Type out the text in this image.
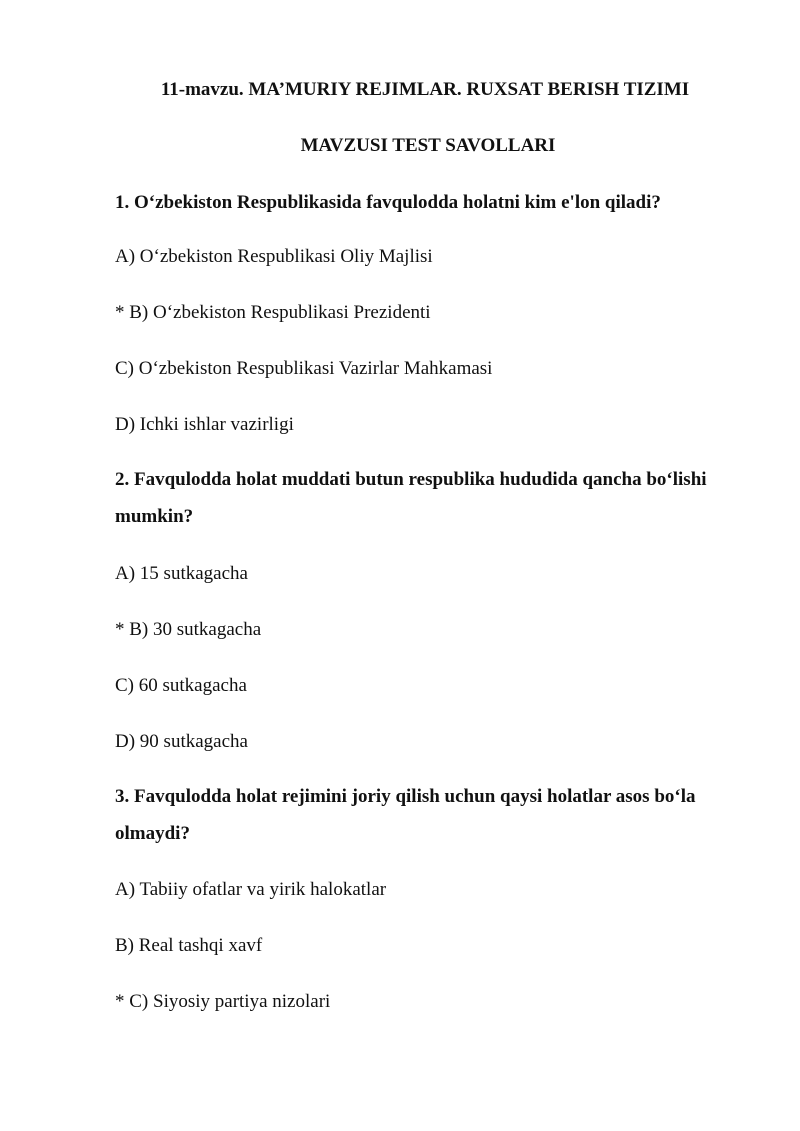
11-mavzu. MA’MURIY REJIMLAR. RUXSAT BERISH TIZIMI
MAVZUSI TEST SAVOLLARI
1. O‘zbekiston Respublikasida favqulodda holatni kim e'lon qiladi?
A) O‘zbekiston Respublikasi Oliy Majlisi
* B) O‘zbekiston Respublikasi Prezidenti
C) O‘zbekiston Respublikasi Vazirlar Mahkamasi
D) Ichki ishlar vazirligi
2. Favqulodda holat muddati butun respublika hududida qancha bo‘lishi mumkin?
A) 15 sutkagacha
* B) 30 sutkagacha
C) 60 sutkagacha
D) 90 sutkagacha
3. Favqulodda holat rejimini joriy qilish uchun qaysi holatlar asos bo‘la olmaydi?
A) Tabiiy ofatlar va yirik halokatlar
B) Real tashqi xavf
* C) Siyosiy partiya nizolari
